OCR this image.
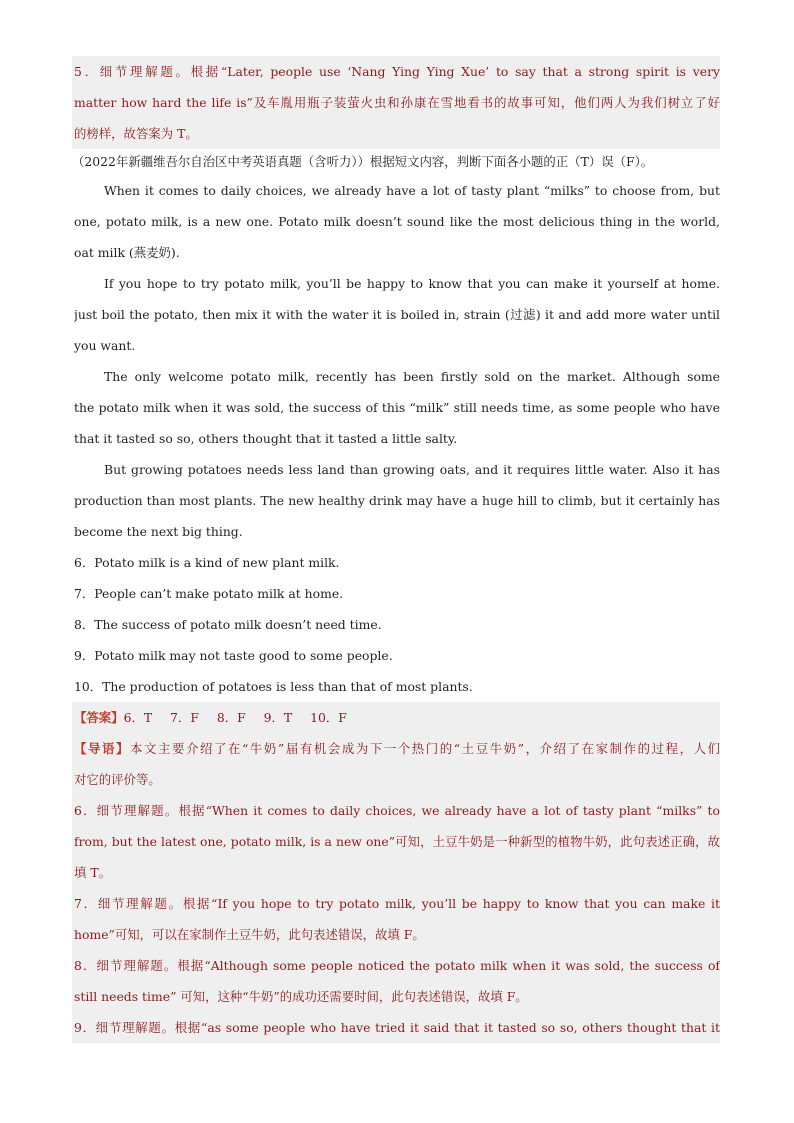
5．细节理解题。根据“Later, people use ‘Nang Ying Ying Xue’ to say that a strong spirit is very
matter how hard the life is”及车胤用瓶子装萤火虫和孙康在雪地看书的故事可知，他们两人为我们树立了好
的榜样，故答案为 T。
（2022年新疆维吾尔自治区中考英语真题（含听力））根据短文内容，判断下面各小题的正（T）误（F）。
When it comes to daily choices, we already have a lot of tasty plant “milks” to choose from, but
one, potato milk, is a new one. Potato milk doesn’t sound like the most delicious thing in the world,
oat milk (燕麦奶).
If you hope to try potato milk, you’ll be happy to know that you can make it yourself at home.
just boil the potato, then mix it with the water it is boiled in, strain (过滤) it and add more water until
you want.
The only welcome potato milk, recently has been firstly sold on the market. Although some
the potato milk when it was sold, the success of this “milk” still needs time, as some people who have
that it tasted so so, others thought that it tasted a little salty.
But growing potatoes needs less land than growing oats, and it requires little water. Also it has
production than most plants. The new healthy drink may have a huge hill to climb, but it certainly has
become the next big thing.
6．Potato milk is a kind of new plant milk.
7．People can’t make potato milk at home.
8．The success of potato milk doesn’t need time.
9．Potato milk may not taste good to some people.
10．The production of potatoes is less than that of most plants.
【答案】6．T 7．F 8．F 9．T 10．F
【导语】本文主要介绍了在“牛奶”届有机会成为下一个热门的“土豆牛奶”，介绍了在家制作的过程，人们
对它的评价等。
6．细节理解题。根据“When it comes to daily choices, we already have a lot of tasty plant “milks” to
from, but the latest one, potato milk, is a new one”可知，土豆牛奶是一种新型的植物牛奶，此句表述正确，故
填 T。
7．细节理解题。根据“If you hope to try potato milk, you’ll be happy to know that you can make it
home”可知，可以在家制作土豆牛奶，此句表述错误，故填 F。
8．细节理解题。根据“Although some people noticed the potato milk when it was sold, the success of
still needs time” 可知，这种“牛奶”的成功还需要时间，此句表述错误，故填 F。
9．细节理解题。根据“as some people who have tried it said that it tasted so so, others thought that it
